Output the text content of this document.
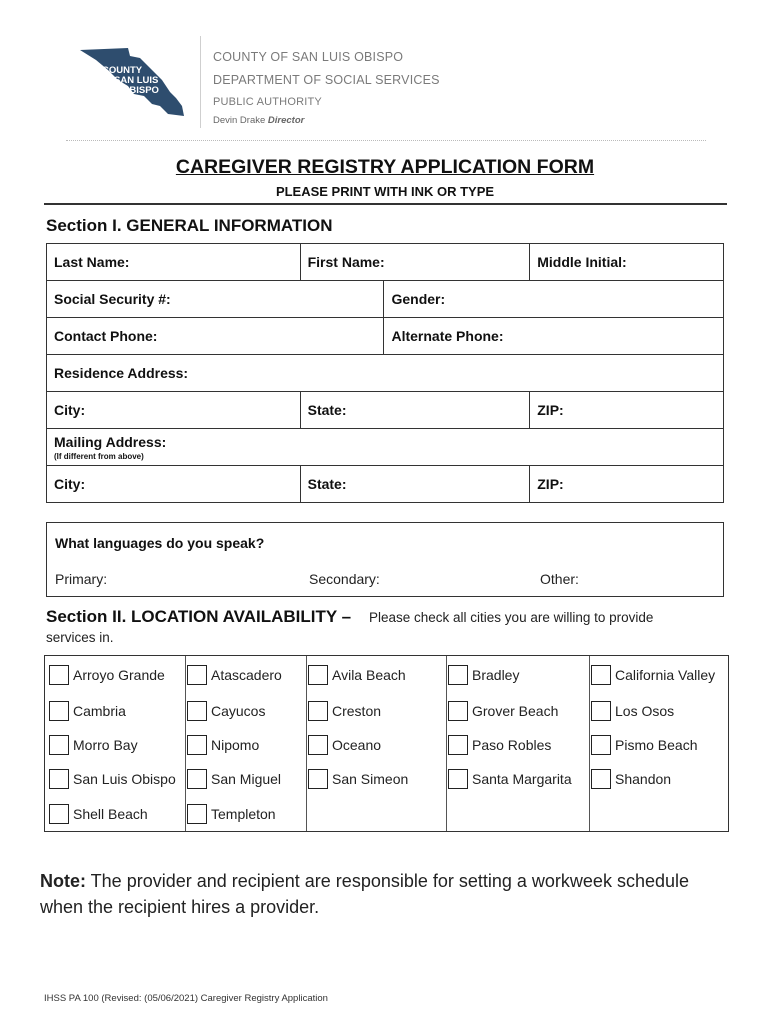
COUNTY
OF SAN LUIS
OBISPO
COUNTY OF SAN LUIS OBISPO
DEPARTMENT OF SOCIAL SERVICES
PUBLIC AUTHORITY
Devin Drake Director
CAREGIVER REGISTRY APPLICATION FORM
PLEASE PRINT WITH INK OR TYPE
Section I. GENERAL INFORMATION
Last Name:	First Name:		Middle Initial:
Social Security #:		Gender:	
Contact Phone:		Alternate Phone:	
Residence Address:			
City:	State:		ZIP:
Mailing Address:
(If different from above)			

City:	State:		ZIP:
What languages do you speak?
Primary:	Secondary:	Other:
Section II. LOCATION AVAILABILITY – Please check all cities you are willing to provide
services in.
Arroyo Grande	Atascadero	Avila Beach	Bradley	California Valley
Cambria	Cayucos	Creston	Grover Beach	Los Osos
Morro Bay	Nipomo	Oceano	Paso Robles	Pismo Beach
San Luis Obispo	San Miguel	San Simeon	Santa Margarita	Shandon
Shell Beach	Templeton
Note: The provider and recipient are responsible for setting a workweek schedule when the recipient hires a provider.
IHSS PA 100 (Revised: (05/06/2021) Caregiver Registry Application
